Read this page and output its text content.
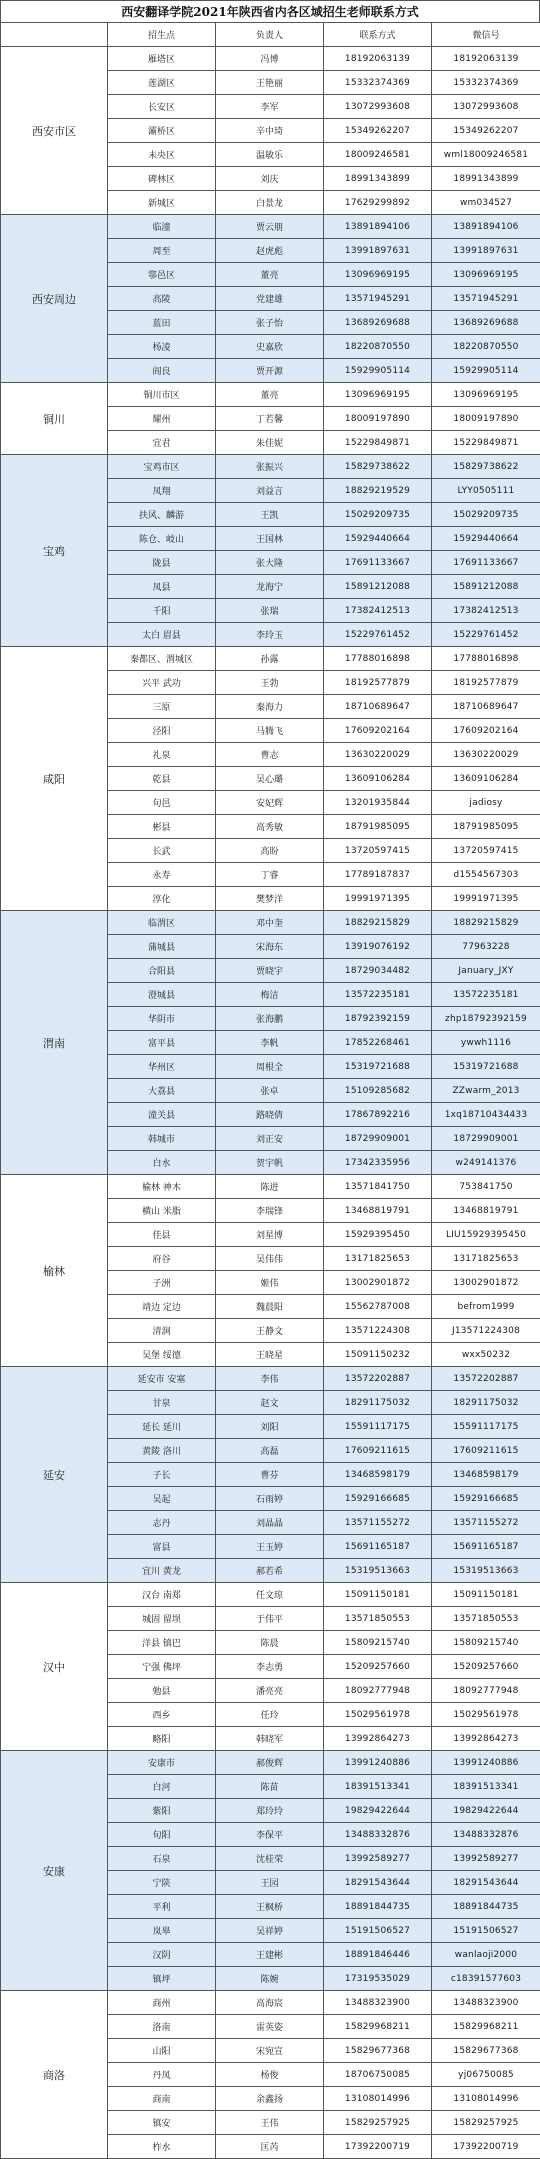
西安翻译学院2021年陕西省内各区域招生老师联系方式
	招生点	负责人	联系方式	微信号
西安市区	雁塔区	冯博	18192063139	18192063139
	莲湖区	王艳丽	15332374369	15332374369
	长安区	李军	13072993608	13072993608
	灞桥区	辛中琦	15349262207	15349262207
	未央区	温敏乐	18009246581	wml18009246581
	碑林区	刘庆	18991343899	18991343899
	新城区	白景龙	17629299892	wm034527
西安周边	临潼	贾云朋	13891894106	13891894106
	周至	赵虎彪	13991897631	13991897631
	鄠邑区	董亮	13096969195	13096969195
	高陵	党建雄	13571945291	13571945291
	蓝田	张子怡	13689269688	13689269688
	杨凌	史嘉欣	18220870550	18220870550
	阎良	贾开源	15929905114	15929905114
铜川	铜川市区	董亮	13096969195	13096969195
	耀州	丁若馨	18009197890	18009197890
	宜君	朱佳妮	15229849871	15229849871
宝鸡	宝鸡市区	张振兴	15829738622	15829738622
	凤翔	刘益言	18829219529	LYY0505111
	扶风、麟游	王凯	15029209735	15029209735
	陈仓、岐山	王国林	15929440664	15929440664
	陇县	张大隆	17691133667	17691133667
	凤县	龙海宁	15891212088	15891212088
	千阳	张瑞	17382412513	17382412513
	太白 眉县	李玲玉	15229761452	15229761452
咸阳	秦都区、渭城区	孙露	17788016898	17788016898
	兴平 武功	王勃	18192577879	18192577879
	三原	秦海力	18710689647	18710689647
	泾阳	马腾飞	17609202164	17609202164
	礼泉	曹志	13630220029	13630220029
	乾县	吴心璐	13609106284	13609106284
	旬邑	安妃辉	13201935844	jadiosy
	彬县	高秀敏	18791985095	18791985095
	长武	高盼	13720597415	13720597415
	永寿	丁睿	17789187837	d1554567303
	淳化	樊梦洋	19991971395	19991971395
渭南	临渭区	邓中奎	18829215829	18829215829
	蒲城县	宋海东	13919076192	77963228
	合阳县	贾晓宇	18729034482	January_JXY
	澄城县	梅洁	13572235181	13572235181
	华阴市	张海鹏	18792392159	zhp18792392159
	富平县	李帆	17852268461	ywwh1116
	华州区	周根全	15319721688	15319721688
	大荔县	张卓	15109285682	ZZwarm_2013
	潼关县	路晓倩	17867892216	1xq18710434433
	韩城市	刘正安	18729909001	18729909001
	白水	贺宇帆	17342335956	w249141376
榆林	榆林 神木	陈进	13571841750	753841750
	横山 米脂	李瑞锋	13468819791	13468819791
	佳县	刘星博	15929395450	LIU15929395450
	府谷	吴伟伟	13171825653	13171825653
	子洲	姬伟	13002901872	13002901872
	靖边 定边	魏晨阳	15562787008	befrom1999
	清涧	王静文	13571224308	J13571224308
	吴堡 绥德	王晓星	15091150232	wxx50232
延安	延安市 安塞	李伟	13572202887	13572202887
	甘泉	赵文	18291175032	18291175032
	延长 延川	刘阳	15591117175	15591117175
	黄陵 洛川	高磊	17609211615	17609211615
	子长	曹芬	13468598179	13468598179
	吴起	石雨婷	15929166685	15929166685
	志丹	刘晶晶	13571155272	13571155272
	富县	王玉婷	15691165187	15691165187
	宜川 黄龙	郝若希	15319513663	15319513663
汉中	汉台 南郑	任文琼	15091150181	15091150181
	城固 留坝	于伟平	13571850553	13571850553
	洋县 镇巴	陈晨	15809215740	15809215740
	宁强 佛坪	李志勇	15209257660	15209257660
	勉县	潘亮亮	18092777948	18092777948
	西乡	任玲	15029561978	15029561978
	略阳	韩晓军	13992864273	13992864273
安康	安康市	郝俊辉	13991240886	13991240886
	白河	陈苗	18391513341	18391513341
	紫阳	郑玲玲	19829422644	19829422644
	旬阳	李保平	13488332876	13488332876
	石泉	沈桂荣	13992589277	13992589277
	宁陕	王园	18291543644	18291543644
	平利	王枫桥	18891844735	18891844735
	岚皋	吴祥婷	15191506527	15191506527
	汉阴	王建彬	18891846446	wanlaoji2000
	镇坪	陈婉	17319535029	c18391577603
商洛	商州	高海宸	13488323900	13488323900
	洛南	雷英姿	15829968211	15829968211
	山阳	宋宛宣	15829677368	15829677368
	丹凤	杨俊	18706750085	yj06750085
	商南	余鑫扬	13108014996	13108014996
	镇安	王伟	15829257925	15829257925
	柞水	匡芮	17392200719	17392200719
